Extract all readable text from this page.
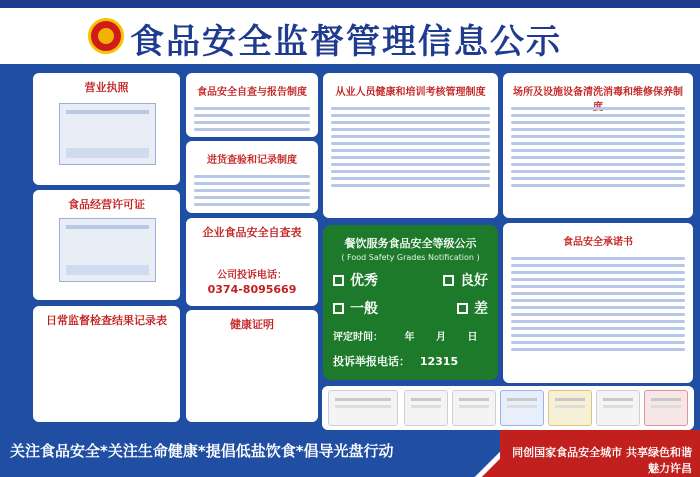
食品安全监督管理信息公示
营业执照
食品经营许可证
日常监督检查结果记录表
食品安全自查与报告制度
进货查验和记录制度
企业食品安全自查表
公司投诉电话：
0374-8095669
健康证明
从业人员健康和培训考核管理制度	场所及设施设备清洗消毒和维修保养制
餐饮服务食品安全等级公示
( Food Safety Grades Notification )
优秀	良好
一般	差
评定时间： 年 月 日
投诉举报电话： 12315
食品安全承诺书
关注食品安全*关注生命健康*提倡低盐饮食*倡导光盘行动	同创国家食品安全城市 共享绿色和谐魅力许昌
